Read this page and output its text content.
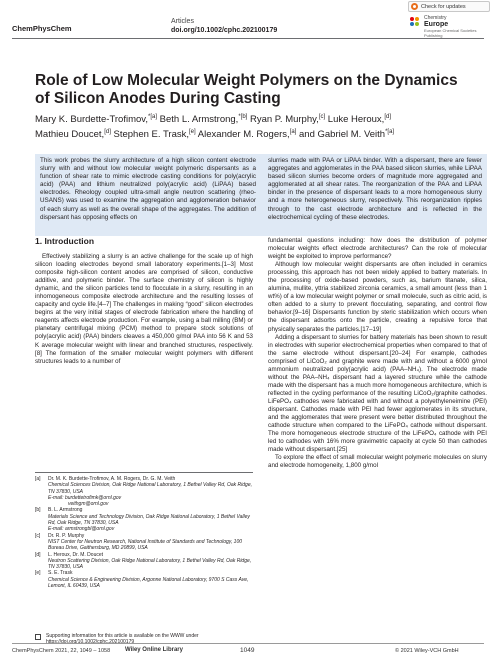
ChemPhysChem
Articles
doi.org/10.1002/cphc.202100179
Check for updates
Chemistry
Europe
European Chemical Societies Publishing
Role of Low Molecular Weight Polymers on the Dynamics of Silicon Anodes During Casting
Mary K. Burdette-Trofimov,$^{*[a]}$ Beth L. Armstrong,$^{*[b]}$ Ryan P. Murphy,[c] Luke Heroux,[d]
Mathieu Doucet,[d] Stephen E. Trask,[e] Alexander M. Rogers,[a] and Gabriel M. Veith$^{*[a]}$
This work probes the slurry architecture of a high silicon content electrode slurry with and without low molecular weight polymeric dispersants as a function of shear rate to mimic electrode casting conditions for poly(acrylic acid) (PAA) and lithium neutralized poly(acrylic acid) (LiPAA) based electrodes. Rheology coupled ultra-small angle neutron scattering (rheo-USANS) was used to examine the aggregation and agglomeration behavior of each slurry as well as the overall shape of the aggregates. The addition of dispersant has opposing effects on
slurries made with PAA or LiPAA binder. With a dispersant, there are fewer aggregates and agglomerates in the PAA based silicon slurries, while LiPAA based silicon slurries become orders of magnitude more aggregated and agglomerated at all shear rates. The reorganization of the PAA and LiPAA binder in the presence of dispersant leads to a more homogeneous slurry and a more heterogeneous slurry, respectively. This reorganization ripples through to the cast electrode architecture and is reflected in the electrochemical cycling of these electrodes.
1. Introduction

Effectively stabilizing a slurry is an active challenge for the scale up of high silicon loading electrodes beyond small laboratory experiments.[1–3] Most composite high-silicon content anodes are comprised of silicon, conductive additive, and polymeric binder. The surface chemistry of silicon is highly dynamic, and the silicon particles tend to flocculate in a slurry, resulting in an inhomogeneous composite electrode architecture and the resulting losses of capacity and cycle life.[4–7] The challenges in making “good” silicon electrodes begins at the very initial stages of electrode fabrication where the handling of reagents affects electrode production. For example, using a ball milling (BM) or planetary centrifugal mixing (PCM) method to prepare stock solutions of poly(acrylic acid) (PAA) binders cleaves a 450,000 g/mol PAA into 56 K and 53 K average molecular weight with linear and branched structures, respectively.[8] The formation of the smaller molecular weight polymers with different structures leads to a number of

[a]	Dr. M. K. Burdette-Trofimov, A. M. Rogers, Dr. G. M. Veith
Chemical Sciences Division, Oak Ridge National Laboratory, 1 Bethel Valley Rd, Oak Ridge, TN 37830, USA
E-mail: burdettetrofimk@ornl.gov
veithgm@ornl.gov
[b]	B. L. Armstrong
Materials Science and Technology Division, Oak Ridge National Laboratory, 1 Bethel Valley Rd, Oak Ridge, TN 37830, USA
E-mail: armstrongbl@ornl.gov
[c]	Dr. R. P. Murphy
NIST Center for Neutron Research, National Institute of Standards and Technology, 100 Bureau Drive, Gaithersburg, MD 20899, USA
[d]	L. Heroux, Dr. M. Doucet
Neutron Scattering Division, Oak Ridge National Laboratory, 1 Bethel Valley Rd, Oak Ridge, TN 37830, USA
[e]	S. E. Trask
Chemical Science & Engineering Division, Argonne National Laboratory, 9700 S Cass Ave, Lemont, IL 60439, USA
Supporting information for this article is available on the WWW under

fundamental questions including: how does the distribution of polymer molecular weights effect electrode architectures? Can the role of molecular weight be exploited to improve performance?

Although low molecular weight dispersants are often included in ceramics processing, this approach has not been widely applied to battery materials. In the processing of oxide-based powders, such as, barium titanate, silica, alumina, mullite, yttria stabilized zirconia ceramics, a small amount (less than 1 wt%) of a low molecular weight polymer or small molecule, such as citric acid, is often added to a slurry to prevent flocculating, separating, and control flow behavior.[9–16] Dispersants function by steric stabilization which occurs when the dispersant adsorbs onto the particle, creating a repulsive force that physically separates the particles.[17–19]

Adding a dispersant to slurries for battery materials has been shown to result in electrodes with superior electrochemical properties when compared to that of the same electrode without dispersant.[20–24] For example, cathodes comprised of LiCoO₂ and graphite were made with and without a 6000 g/mol ammonium neutralized poly(acrylic acid) (PAA–NH₄). The electrode made without the PAA–NH₄ dispersant had a layered structure while the cathode made with the dispersant has a much more homogeneous architecture, which is reflected in the cycling performance of the resulting LiCoO₂/graphite cathodes. LiFePO₄ cathodes were fabricated with and without a polyethyleneimine (PEI) dispersant. Cathodes made with PEI had fewer agglomerates in its structure, and the agglomerates that were present were better distributed throughout the cathode structure when compared to the LiFePO₄ cathode without dispersant. The more homogeneous electrode structure of the LiFePO₄ cathode with PEI led to cathodes with 16% more gravimetric capacity at cycle 50 than cathodes made without dispersant.[25]

To explore the effect of small molecular weight polymeric molecules on slurry and electrode homogeneity, 1,800 g/mol

ChemPhysChem 2021, 22, 1049 – 1058 Wiley Online Library	1049	© 2021 Wiley-VCH GmbH
